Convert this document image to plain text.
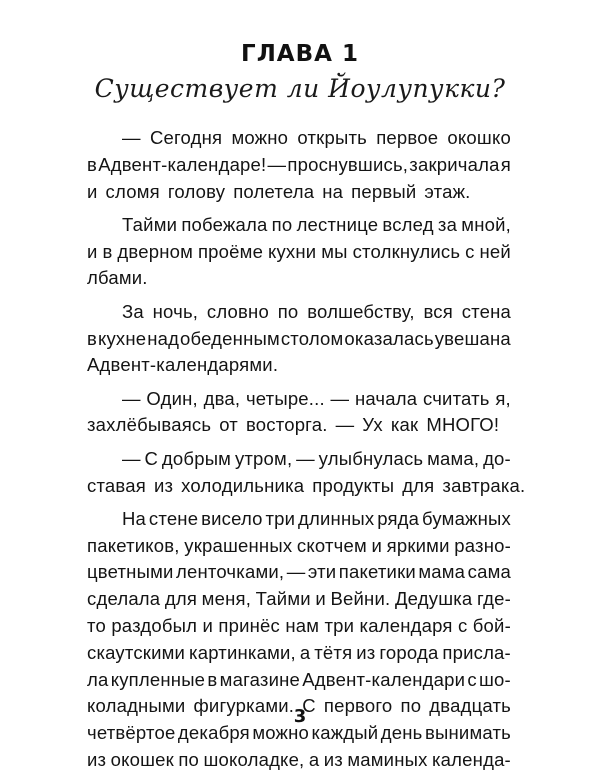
ГЛАВА 1
Существует ли Йоулупукки?
— Сегодня можно открыть первое окошко
в Адвент-календаре! — проснувшись, закричала я
и сломя голову полетела на первый этаж.
Тайми побежала по лестнице вслед за мной,
и в дверном проёме кухни мы столкнулись с ней
лбами.
За ночь, словно по волшебству, вся стена
в кухне над обеденным столом оказалась увешана
Адвент-календарями.
— Один, два, четыре... — начала считать я,
захлёбываясь от восторга. — Ух как МНОГО!
— С добрым утром, — улыбнулась мама, до-
ставая из холодильника продукты для завтрака.
На стене висело три длинных ряда бумажных
пакетиков, украшенных скотчем и яркими разно-
цветными ленточками, — эти пакетики мама сама
сделала для меня, Тайми и Вейни. Дедушка где-
то раздобыл и принёс нам три календаря с бой-
скаутскими картинками, а тётя из города присла-
ла купленные в магазине Адвент-календари с шо-
коладными фигурками. С первого по двадцать
четвёртое декабря можно каждый день вынимать
из окошек по шоколадке, а из маминых календа-
3
